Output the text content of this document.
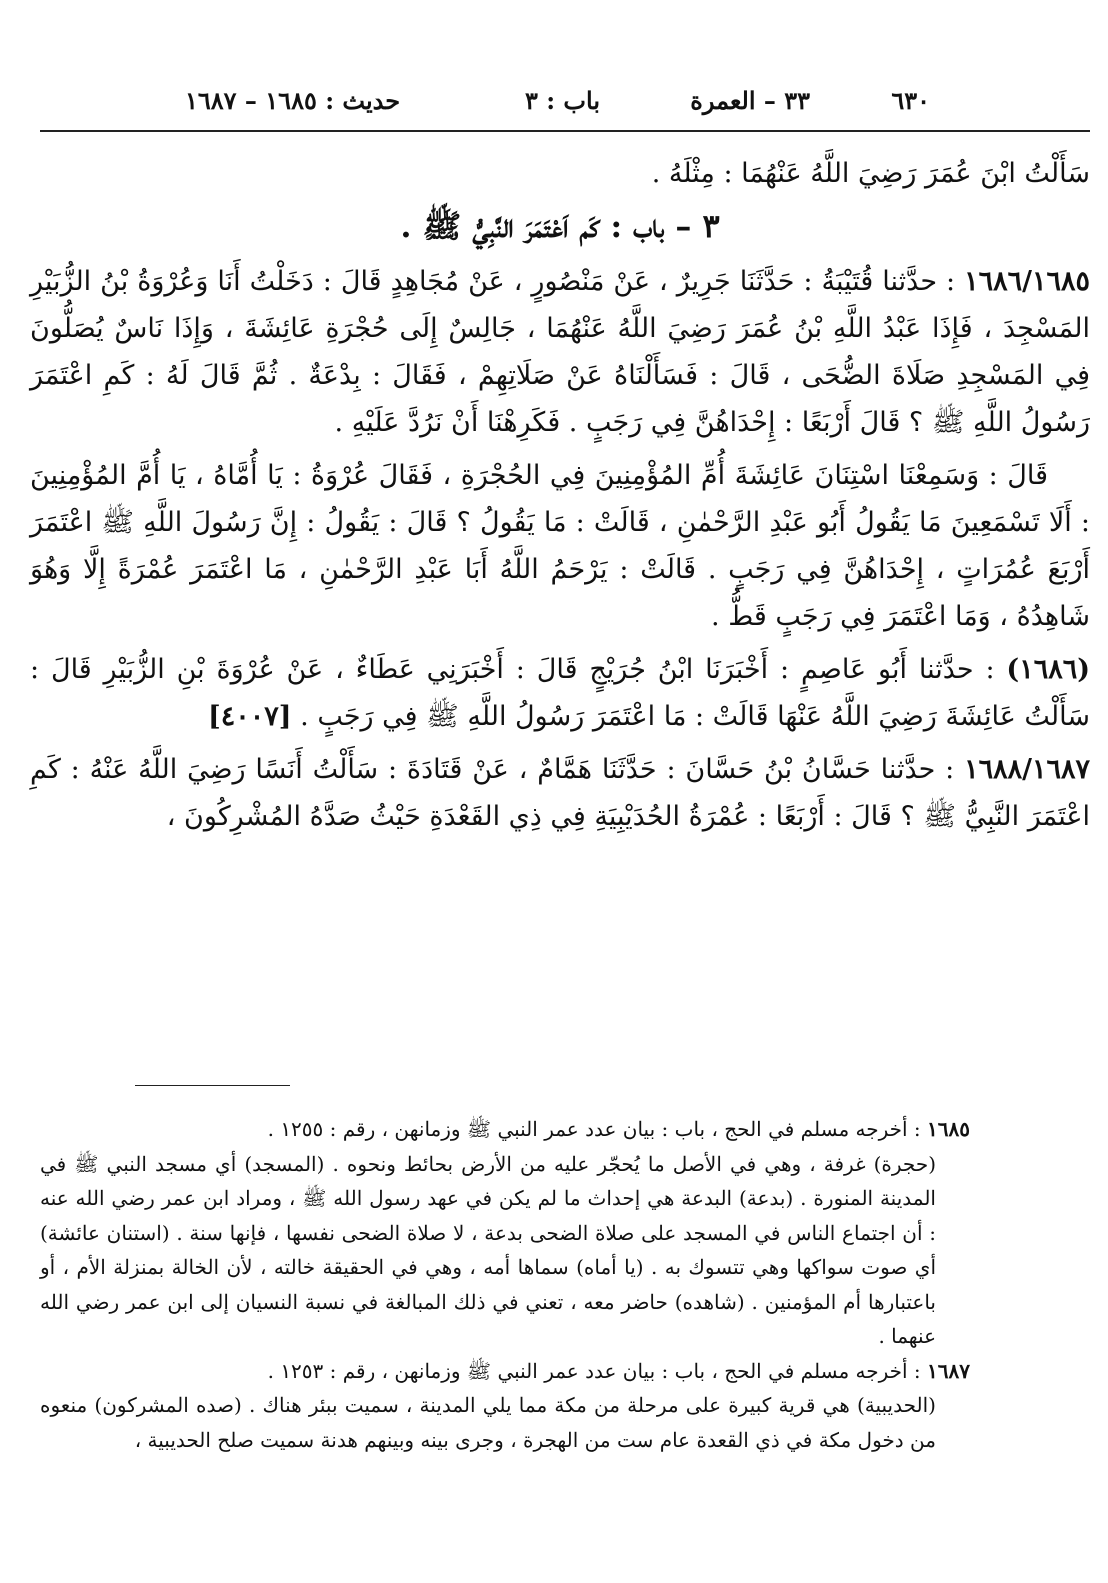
٦٣٠
٣٣ – العمرة
باب : ٣
حديث : ١٦٨٥ – ١٦٨٧

سَأَلْتُ ابْنَ عُمَرَ رَضِيَ اللَّهُ عَنْهُمَا : مِثْلَهُ .

٣ – باب : كَم اَعْتَمَرَ النَّبِيُّ ﷺ .

١٦٨٦/١٦٨٥ : حدَّثنا قُتَيْبَةُ : حَدَّثَنَا جَرِيرٌ ، عَنْ مَنْصُورٍ ، عَنْ مُجَاهِدٍ قَالَ : دَخَلْتُ أَنَا وَعُرْوَةُ بْنُ الزُّبَيْرِ المَسْجِدَ ، فَإِذَا عَبْدُ اللَّهِ بْنُ عُمَرَ رَضِيَ اللَّهُ عَنْهُمَا ، جَالِسٌ إِلَى حُجْرَةِ عَائِشَةَ ، وَإِذَا نَاسٌ يُصَلُّونَ فِي المَسْجِدِ صَلَاةَ الضُّحَى ، قَالَ : فَسَأَلْنَاهُ عَنْ صَلَاتِهِمْ ، فَقَالَ : بِدْعَةٌ . ثُمَّ قَالَ لَهُ : كَمِ اعْتَمَرَ رَسُولُ اللَّهِ ﷺ ؟ قَالَ أَرْبَعًا : إِحْدَاهُنَّ فِي رَجَبٍ . فَكَرِهْنَا أَنْ نَرُدَّ عَلَيْهِ .

قَالَ : وَسَمِعْنَا اسْتِنَانَ عَائِشَةَ أُمِّ المُؤْمِنِينَ فِي الحُجْرَةِ ، فَقَالَ عُرْوَةُ : يَا أُمَّاهُ ، يَا أُمَّ المُؤْمِنِينَ : أَلَا تَسْمَعِينَ مَا يَقُولُ أَبُو عَبْدِ الرَّحْمٰنِ ، قَالَتْ : مَا يَقُولُ ؟ قَالَ : يَقُولُ : إِنَّ رَسُولَ اللَّهِ ﷺ اعْتَمَرَ أَرْبَعَ عُمُرَاتٍ ، إِحْدَاهُنَّ فِي رَجَبٍ . قَالَتْ : يَرْحَمُ اللَّهُ أَبَا عَبْدِ الرَّحْمٰنِ ، مَا اعْتَمَرَ عُمْرَةً إِلَّا وَهُوَ شَاهِدُهُ ، وَمَا اعْتَمَرَ فِي رَجَبٍ قَطُّ .

(١٦٨٦) : حدَّثنا أَبُو عَاصِمٍ : أَخْبَرَنَا ابْنُ جُرَيْجٍ قَالَ : أَخْبَرَنِي عَطَاءٌ ، عَنْ عُرْوَةَ بْنِ الزُّبَيْرِ قَالَ : سَأَلْتُ عَائِشَةَ رَضِيَ اللَّهُ عَنْهَا قَالَتْ : مَا اعْتَمَرَ رَسُولُ اللَّهِ ﷺ فِي رَجَبٍ . [٤٠٠٧]

١٦٨٨/١٦٨٧ : حدَّثنا حَسَّانُ بْنُ حَسَّانَ : حَدَّثَنَا هَمَّامٌ ، عَنْ قَتَادَةَ : سَأَلْتُ أَنَسًا رَضِيَ اللَّهُ عَنْهُ : كَمِ اعْتَمَرَ النَّبِيُّ ﷺ ؟ قَالَ : أَرْبَعًا : عُمْرَةُ الحُدَيْبِيَةِ فِي ذِي القَعْدَةِ حَيْثُ صَدَّهُ المُشْرِكُونَ ،

١٦٨٥ : أخرجه مسلم في الحج ، باب : بيان عدد عمر النبي ﷺ وزمانهن ، رقم : ١٢٥٥ .

(حجرة) غرفة ، وهي في الأصل ما يُحجّر عليه من الأرض بحائط ونحوه . (المسجد) أي مسجد النبي ﷺ في المدينة المنورة . (بدعة) البدعة هي إحداث ما لم يكن في عهد رسول الله ﷺ ، ومراد ابن عمر رضي الله عنه : أن اجتماع الناس في المسجد على صلاة الضحى بدعة ، لا صلاة الضحى نفسها ، فإنها سنة . (استنان عائشة) أي صوت سواكها وهي تتسوك به . (يا أماه) سماها أمه ، وهي في الحقيقة خالته ، لأن الخالة بمنزلة الأم ، أو باعتبارها أم المؤمنين . (شاهده) حاضر معه ، تعني في ذلك المبالغة في نسبة النسيان إلى ابن عمر رضي الله عنهما .

١٦٨٧ : أخرجه مسلم في الحج ، باب : بيان عدد عمر النبي ﷺ وزمانهن ، رقم : ١٢٥٣ .

(الحديبية) هي قرية كبيرة على مرحلة من مكة مما يلي المدينة ، سميت ببئر هناك . (صده المشركون) منعوه من دخول مكة في ذي القعدة عام ست من الهجرة ، وجرى بينه وبينهم هدنة سميت صلح الحديبية ،
